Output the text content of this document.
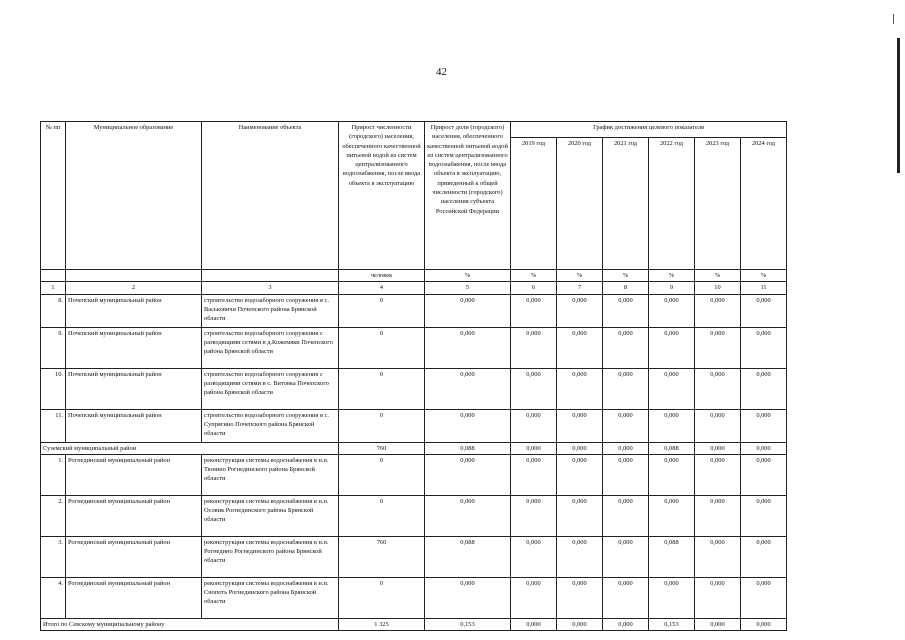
42
№ пп	Муниципальное образование	Наименование объекта	Прирост численности (городского) населения, обеспеченного качественной питьевой водой из систем централизованного водоснабжения, после ввода объекта в эксплуатацию	Прирост доли (городского) населения, обеспеченного качественной питьевой водой из систем централизованного водоснабжения, после ввода объекта в эксплуатацию, приведенный к общей численности (городского) населения субъекта Российской Федерации	График достижения целевого показателя					
					2019 год	2020 год	2021 год	2022 год	2023 год	2024 год
			человек	%	%	%	%	%	%	%
1	2	3	4	5	6	7	8	9	10	11
8.	Почепский муниципальный район	строительство водозаборного сооружения в с. Васьковичи Почепского района Брянской области	0	0,000	0,000	0,000	0,000	0,000	0,000	0,000
9.	Почепский муниципальный район	строительство водозаборного сооружения с разводящими сетями в д.Кожемяки Почепского района Брянской области	0	0,000	0,000	0,000	0,000	0,000	0,000	0,000
10.	Почепский муниципальный район	строительство водозаборного сооружения с разводящими сетями в с. Витовка Почепского района Брянской области	0	0,000	0,000	0,000	0,000	0,000	0,000	0,000
11.	Почепский муниципальный район	строительство водозаборного сооружения в с. Супрягино Почепского района Брянской области	0	0,000	0,000	0,000	0,000	0,000	0,000	0,000
Суземский муниципальный район			760	0,088	0,000	0,000	0,000	0,088	0,000	0,000
1.	Рогнединский муниципальный район	реконструкция системы водоснабжения в н.п. Тюнино Рогнединского района Брянской области	0	0,000	0,000	0,000	0,000	0,000	0,000	0,000
2.	Рогнединский муниципальный район	реконструкция системы водоснабжения в н.п. Осовик Рогнединского района Брянской области	0	0,000	0,000	0,000	0,000	0,000	0,000	0,000
3.	Рогнединский муниципальный район	реконструкция системы водоснабжения в н.п. Рогнедино Рогнединского района Брянской области	760	0,088	0,000	0,000	0,000	0,088	0,000	0,000
4.	Рогнединский муниципальный район	реконструкция системы водоснабжения в н.п. Снопоть Рогнединского района Брянской области	0	0,000	0,000	0,000	0,000	0,000	0,000	0,000
Итого по Севскому муниципальному району			1 325	0,153	0,000	0,000	0,000	0,153	0,000	0,000
